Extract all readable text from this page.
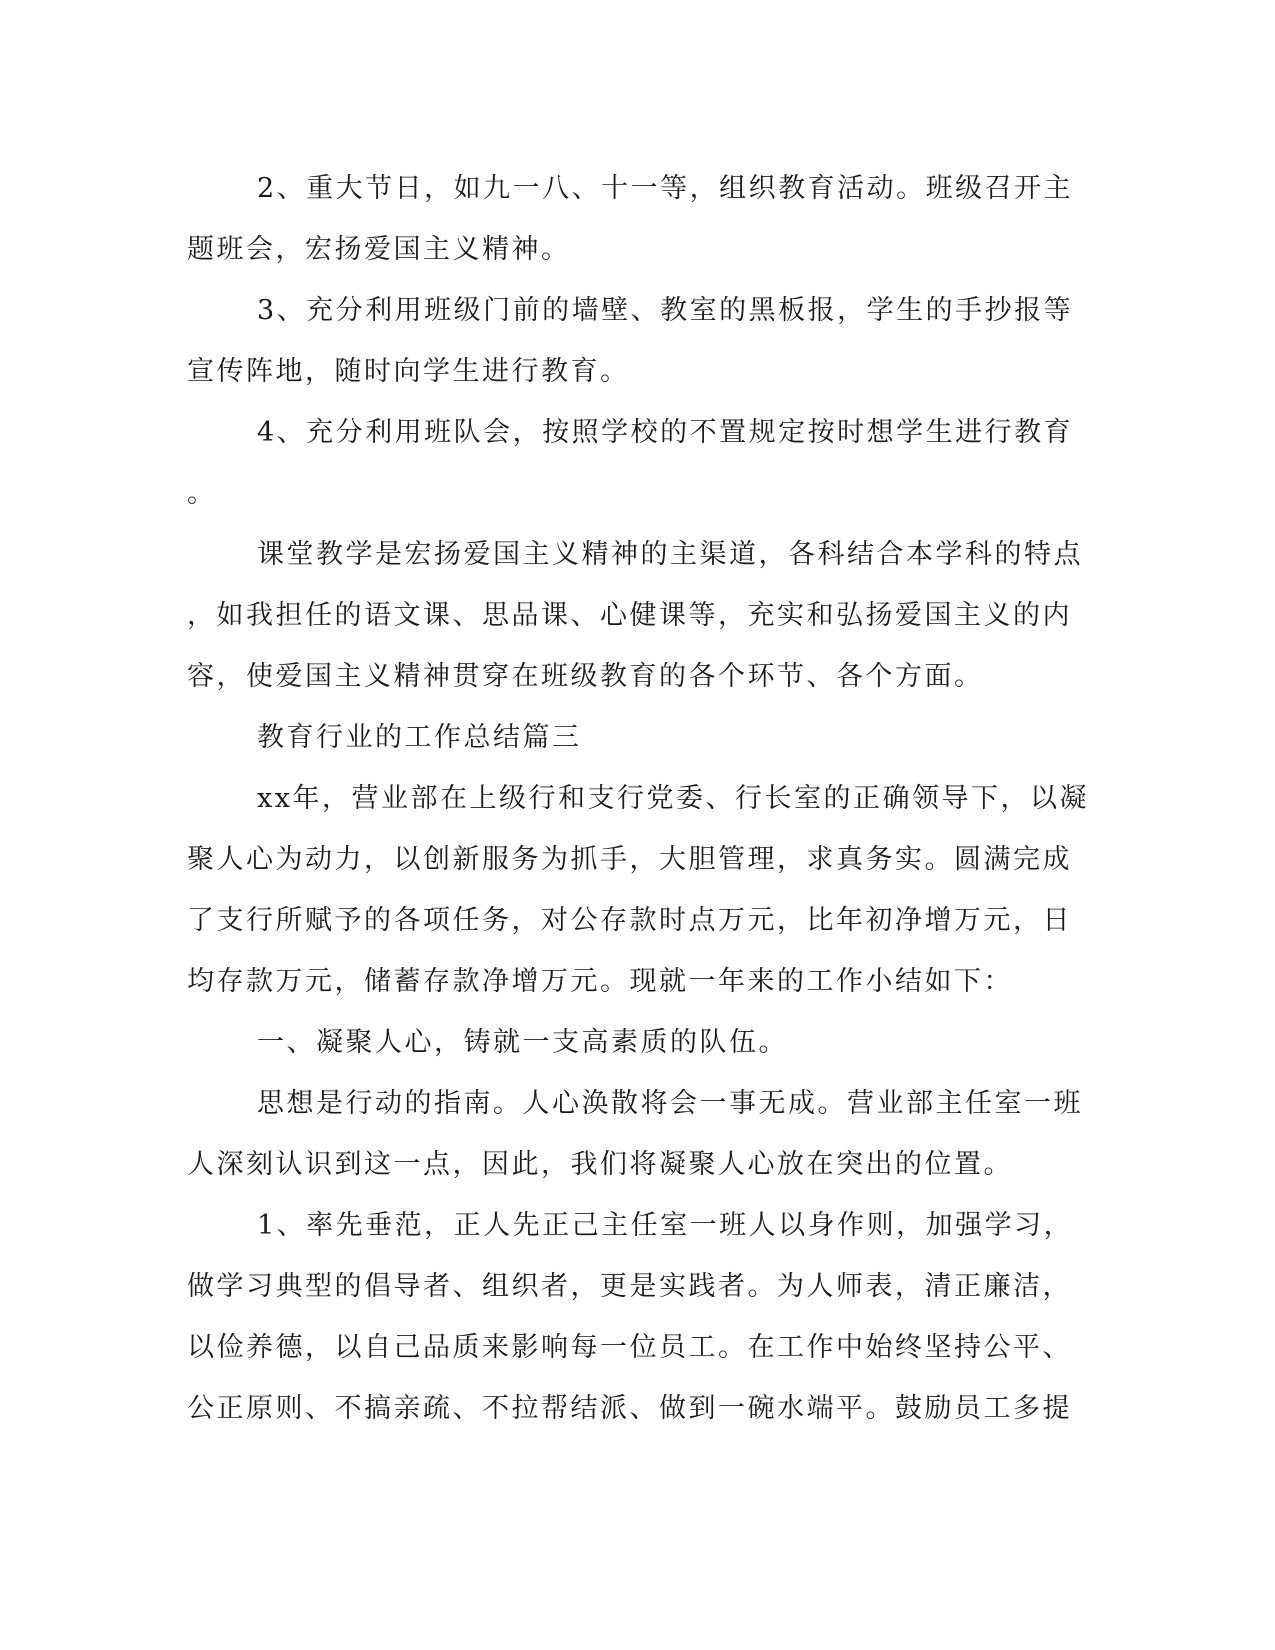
2、重大节日，如九一八、十一等，组织教育活动。班级召开主
题班会，宏扬爱国主义精神。
3、充分利用班级门前的墙壁、教室的黑板报，学生的手抄报等
宣传阵地，随时向学生进行教育。
4、充分利用班队会，按照学校的不置规定按时想学生进行教育
。
课堂教学是宏扬爱国主义精神的主渠道，各科结合本学科的特点
，如我担任的语文课、思品课、心健课等，充实和弘扬爱国主义的内
容，使爱国主义精神贯穿在班级教育的各个环节、各个方面。
教育行业的工作总结篇三
xx年，营业部在上级行和支行党委、行长室的正确领导下，以凝
聚人心为动力，以创新服务为抓手，大胆管理，求真务实。圆满完成
了支行所赋予的各项任务，对公存款时点万元，比年初净增万元，日
均存款万元，储蓄存款净增万元。现就一年来的工作小结如下：
一、凝聚人心，铸就一支高素质的队伍。
思想是行动的指南。人心涣散将会一事无成。营业部主任室一班
人深刻认识到这一点，因此，我们将凝聚人心放在突出的位置。
1、率先垂范，正人先正己主任室一班人以身作则，加强学习，
做学习典型的倡导者、组织者，更是实践者。为人师表，清正廉洁，
以俭养德，以自己品质来影响每一位员工。在工作中始终坚持公平、
公正原则、不搞亲疏、不拉帮结派、做到一碗水端平。鼓励员工多提
